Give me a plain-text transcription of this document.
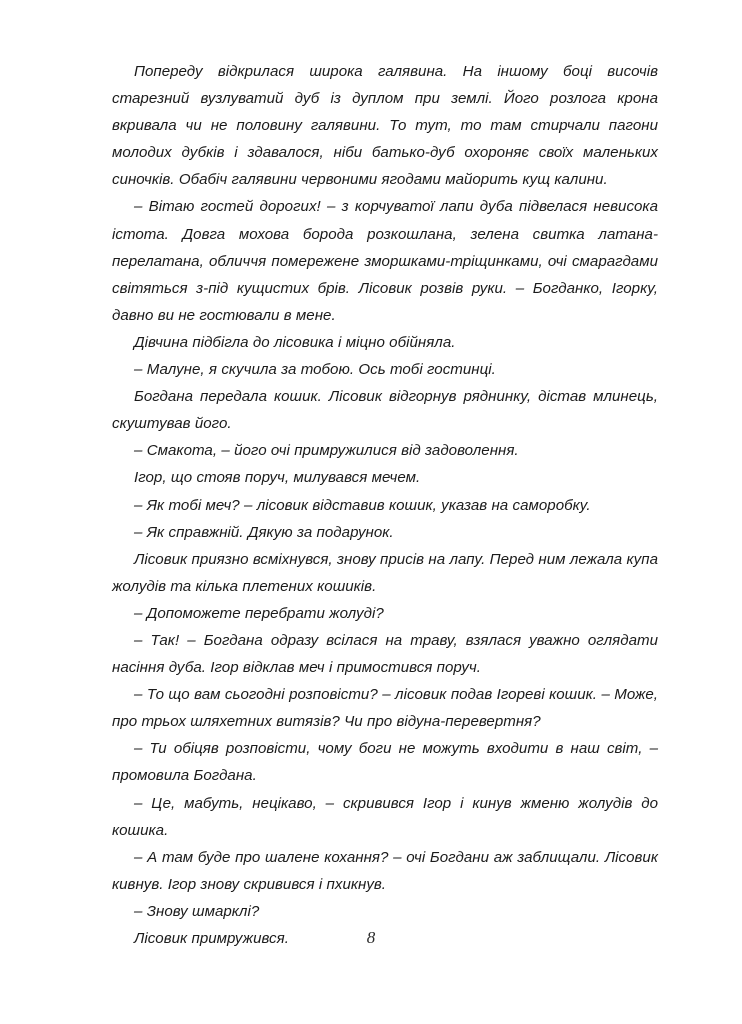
Попереду відкрилася широка галявина. На іншому боці височів старезний вузлуватий дуб із дуплом при землі. Його розлога крона вкривала чи не половину галявини. То тут, то там стирчали пагони молодих дубків і здавалося, ніби батько-дуб охороняє своїх маленьких синочків. Обабіч галявини червоними ягодами майорить кущ калини.

– Вітаю гостей дорогих! – з корчуватої лапи дуба підвелася невисока істота. Довга мохова борода розкошлана, зелена свитка латана-перелатана, обличчя помережене зморшками-тріщинками, очі смарагдами світяться з-під кущистих брів. Лісовик розвів руки. – Богданко, Ігорку, давно ви не гостювали в мене.

Дівчина підбігла до лісовика і міцно обійняла.

– Малуне, я скучила за тобою. Ось тобі гостинці.

Богдана передала кошик. Лісовик відгорнув ряднинку, дістав млинець, скуштував його.

– Смакота, – його очі примружилися від задоволення.

Ігор, що стояв поруч, милувався мечем.

– Як тобі меч? – лісовик відставив кошик, указав на саморобку.

– Як справжній. Дякую за подарунок.

Лісовик приязно всміхнувся, знову присів на лапу. Перед ним лежала купа жолудів та кілька плетених кошиків.

– Допоможете перебрати жолуді?

– Так! – Богдана одразу всілася на траву, взялася уважно оглядати насіння дуба. Ігор відклав меч і примостився поруч.

– То що вам сьогодні розповісти? – лісовик подав Ігореві кошик. – Може, про трьох шляхетних витязів? Чи про відуна-перевертня?

– Ти обіцяв розповісти, чому боги не можуть входити в наш світ, – промовила Богдана.

– Це, мабуть, нецікаво, – скривився Ігор і кинув жменю жолудів до кошика.

– А там буде про шалене кохання? – очі Богдани аж заблищали. Лісовик кивнув. Ігор знову скривився і пхикнув.

– Знову шмарклі?

Лісовик примружився.	8
